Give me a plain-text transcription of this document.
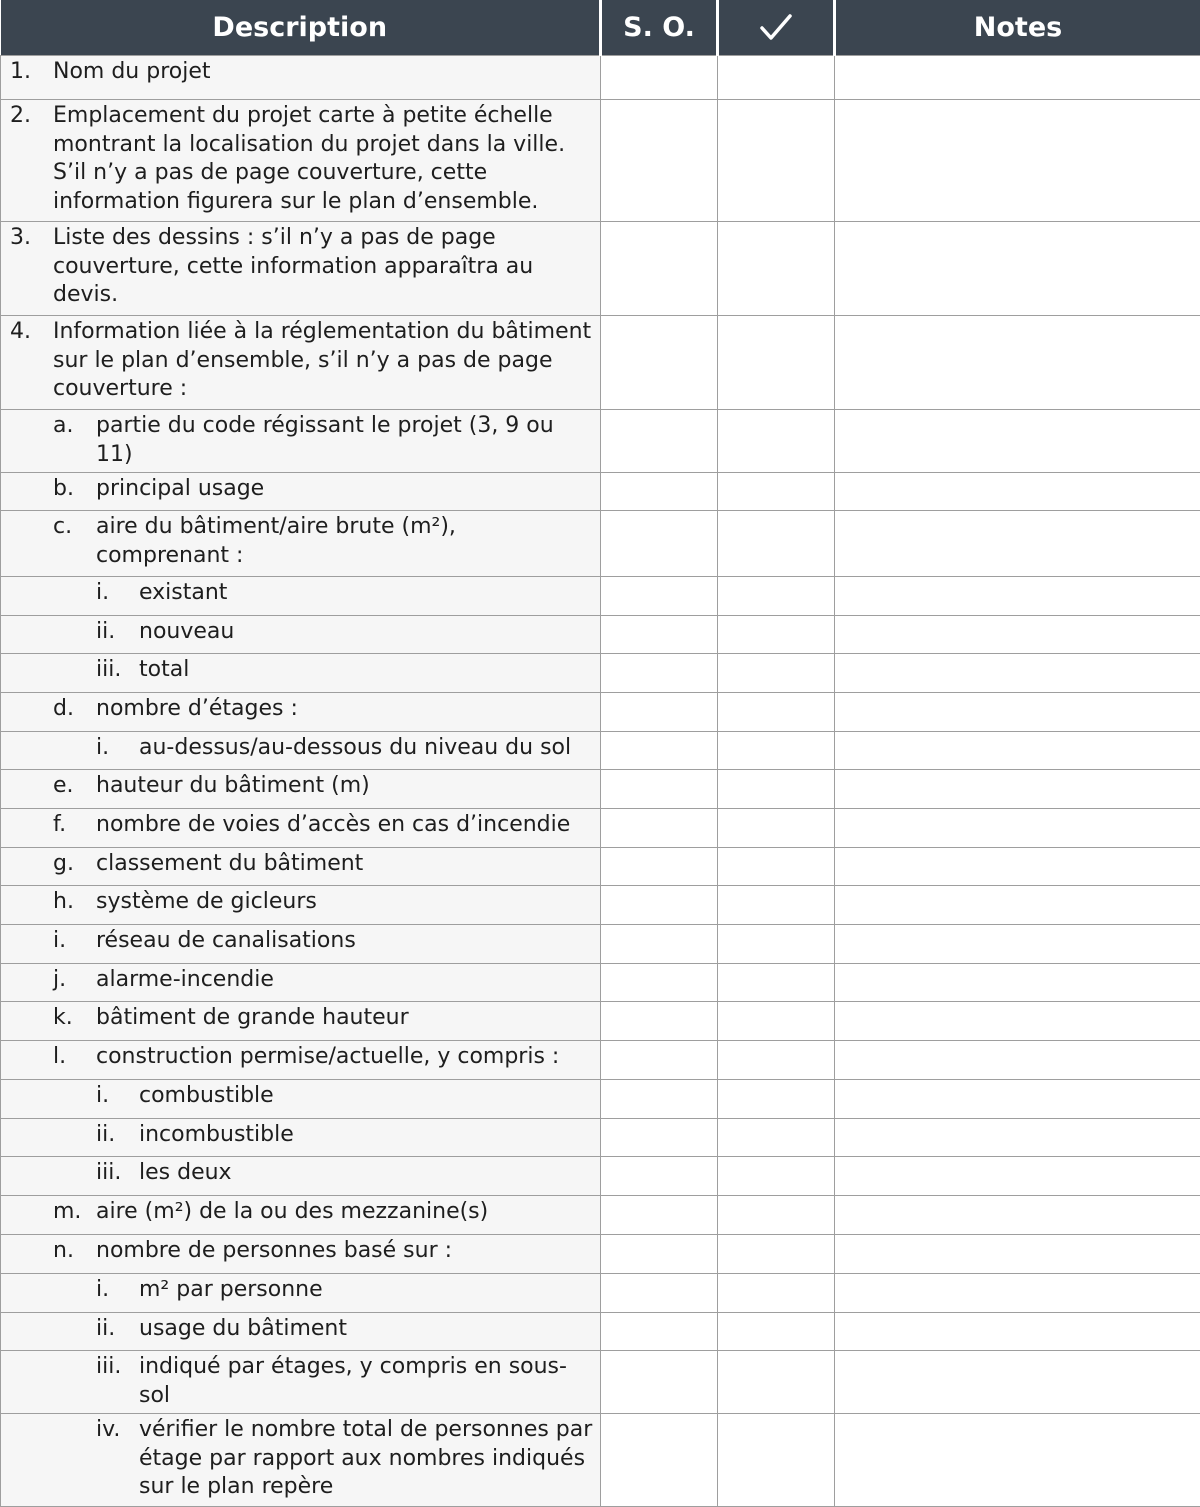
Description	S. O.		Notes

1. Nom du projet			

2. Emplacement du projet carte à petite échelle montrant la localisation du projet dans la ville. S’il n’y a pas de page couverture, cette information figurera sur le plan d’ensemble.			

3. Liste des dessins : s’il n’y a pas de page couverture, cette information apparaîtra au devis.			

4. Information liée à la réglementation du bâtiment sur le plan d’ensemble, s’il n’y a pas de page couverture :			

a. partie du code régissant le projet (3, 9 ou 11)			

b. principal usage			

c. aire du bâtiment/aire brute (m²), comprenant :			

i. existant			

ii. nouveau			

iii. total			

d. nombre d’étages :			

i. au-dessus/au-dessous du niveau du sol			

e. hauteur du bâtiment (m)			

f. nombre de voies d’accès en cas d’incendie			

g. classement du bâtiment			

h. système de gicleurs			

i. réseau de canalisations			

j. alarme-incendie			

k. bâtiment de grande hauteur			

l. construction permise/actuelle, y compris :			

i. combustible			

ii. incombustible			

iii. les deux			

m. aire (m²) de la ou des mezzanine(s)			

n. nombre de personnes basé sur :			

i. m² par personne			

ii. usage du bâtiment			

iii. indiqué par étages, y compris en sous-sol			

iv. vérifier le nombre total de personnes par étage par rapport aux nombres indiqués sur le plan repère			
